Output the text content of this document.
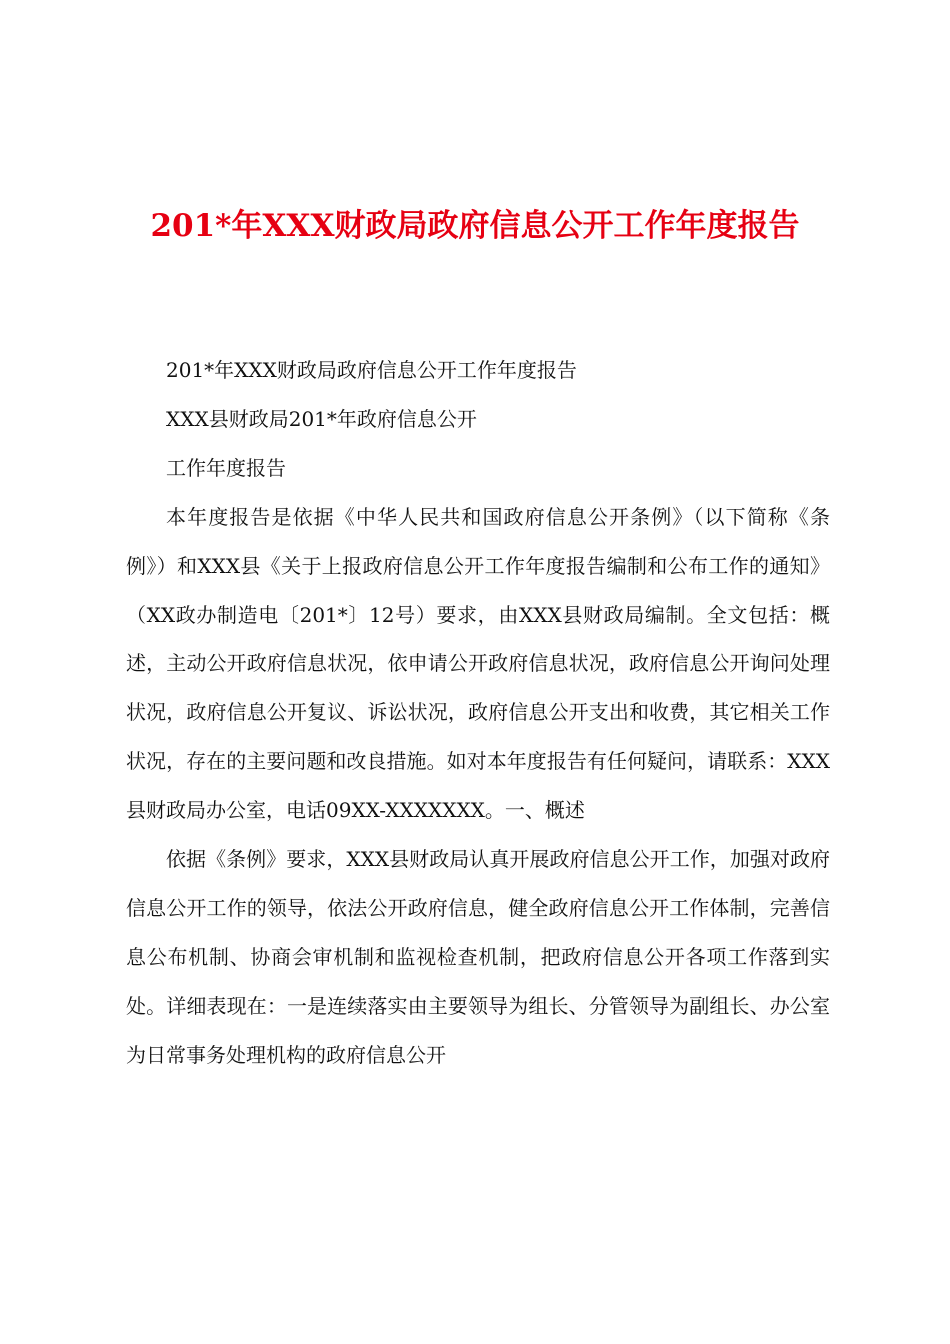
201*年XXX财政局政府信息公开工作年度报告

201*年XXX财政局政府信息公开工作年度报告

XXX县财政局201*年政府信息公开

工作年度报告

本年度报告是依据《中华人民共和国政府信息公开条例》（以下简称《条例》）和XXX县《关于上报政府信息公开工作年度报告编制和公布工作的通知》（XX政办制造电〔201*〕12号）要求，由XXX县财政局编制。全文包括：概述，主动公开政府信息状况，依申请公开政府信息状况，政府信息公开询问处理状况，政府信息公开复议、诉讼状况，政府信息公开支出和收费，其它相关工作状况，存在的主要问题和改良措施。如对本年度报告有任何疑问，请联系：XXX县财政局办公室，电话09XX-XXXXXXX。一、概述

依据《条例》要求，XXX县财政局认真开展政府信息公开工作，加强对政府信息公开工作的领导，依法公开政府信息，健全政府信息公开工作体制，完善信息公布机制、协商会审机制和监视检查机制，把政府信息公开各项工作落到实处。详细表现在：一是连续落实由主要领导为组长、分管领导为副组长、办公室为日常事务处理机构的政府信息公开
